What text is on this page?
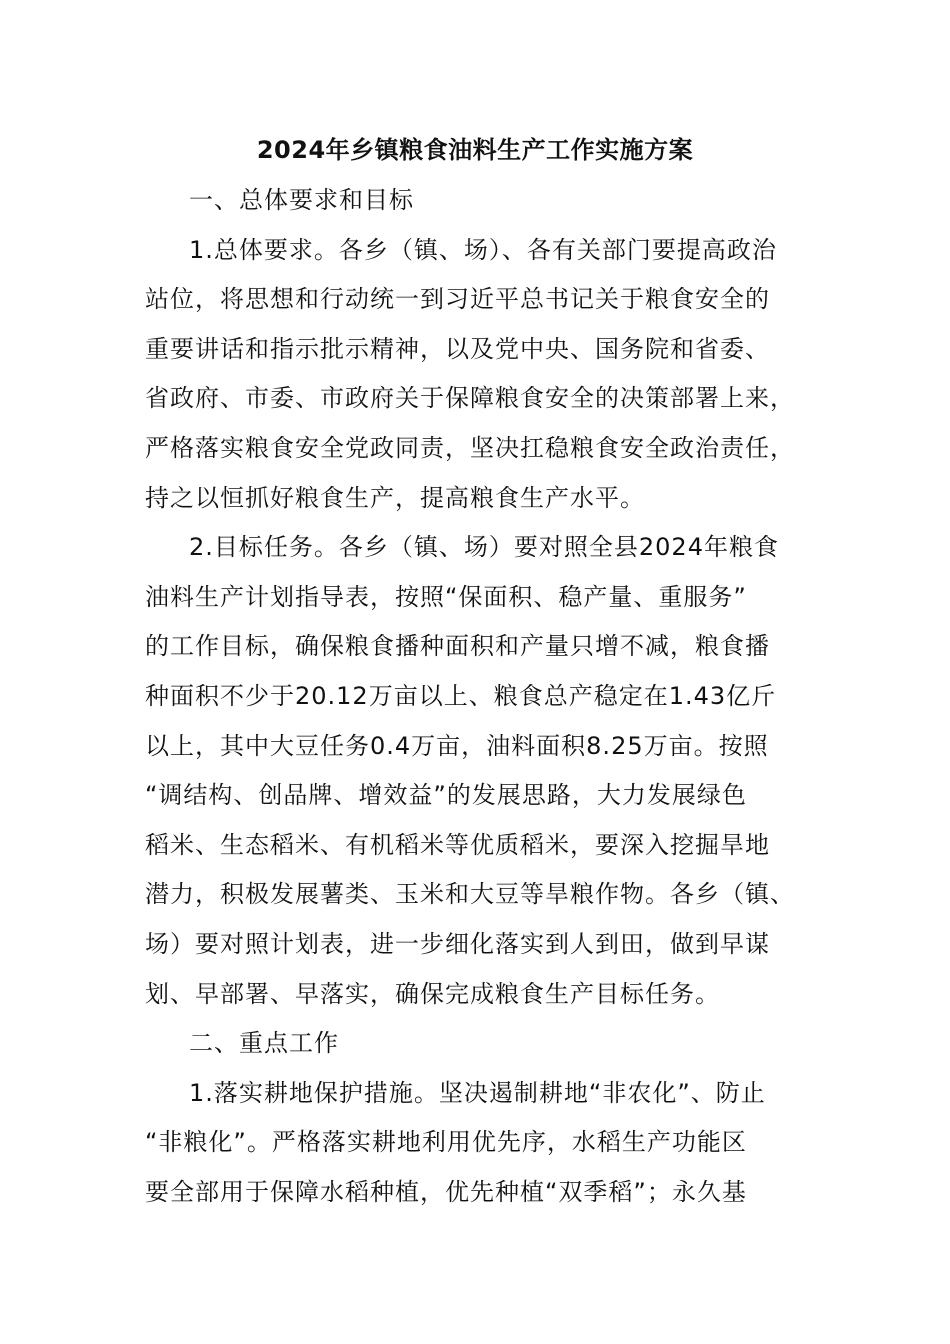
2024年乡镇粮食油料生产工作实施方案
一、总体要求和目标
1.总体要求。各乡（镇、场）、各有关部门要提高政治
站位，将思想和行动统一到习近平总书记关于粮食安全的
重要讲话和指示批示精神，以及党中央、国务院和省委、
省政府、市委、市政府关于保障粮食安全的决策部署上来，
严格落实粮食安全党政同责，坚决扛稳粮食安全政治责任，
持之以恒抓好粮食生产，提高粮食生产水平。
2.目标任务。各乡（镇、场）要对照全县2024年粮食
油料生产计划指导表，按照“保面积、稳产量、重服务”
的工作目标，确保粮食播种面积和产量只增不减，粮食播
种面积不少于20.12万亩以上、粮食总产稳定在1.43亿斤
以上，其中大豆任务0.4万亩，油料面积8.25万亩。按照
“调结构、创品牌、增效益”的发展思路，大力发展绿色
稻米、生态稻米、有机稻米等优质稻米，要深入挖掘旱地
潜力，积极发展薯类、玉米和大豆等旱粮作物。各乡（镇、
场）要对照计划表，进一步细化落实到人到田，做到早谋
划、早部署、早落实，确保完成粮食生产目标任务。
二、重点工作
1.落实耕地保护措施。坚决遏制耕地“非农化”、防止
“非粮化”。严格落实耕地利用优先序，水稻生产功能区
要全部用于保障水稻种植，优先种植“双季稻”；永久基
